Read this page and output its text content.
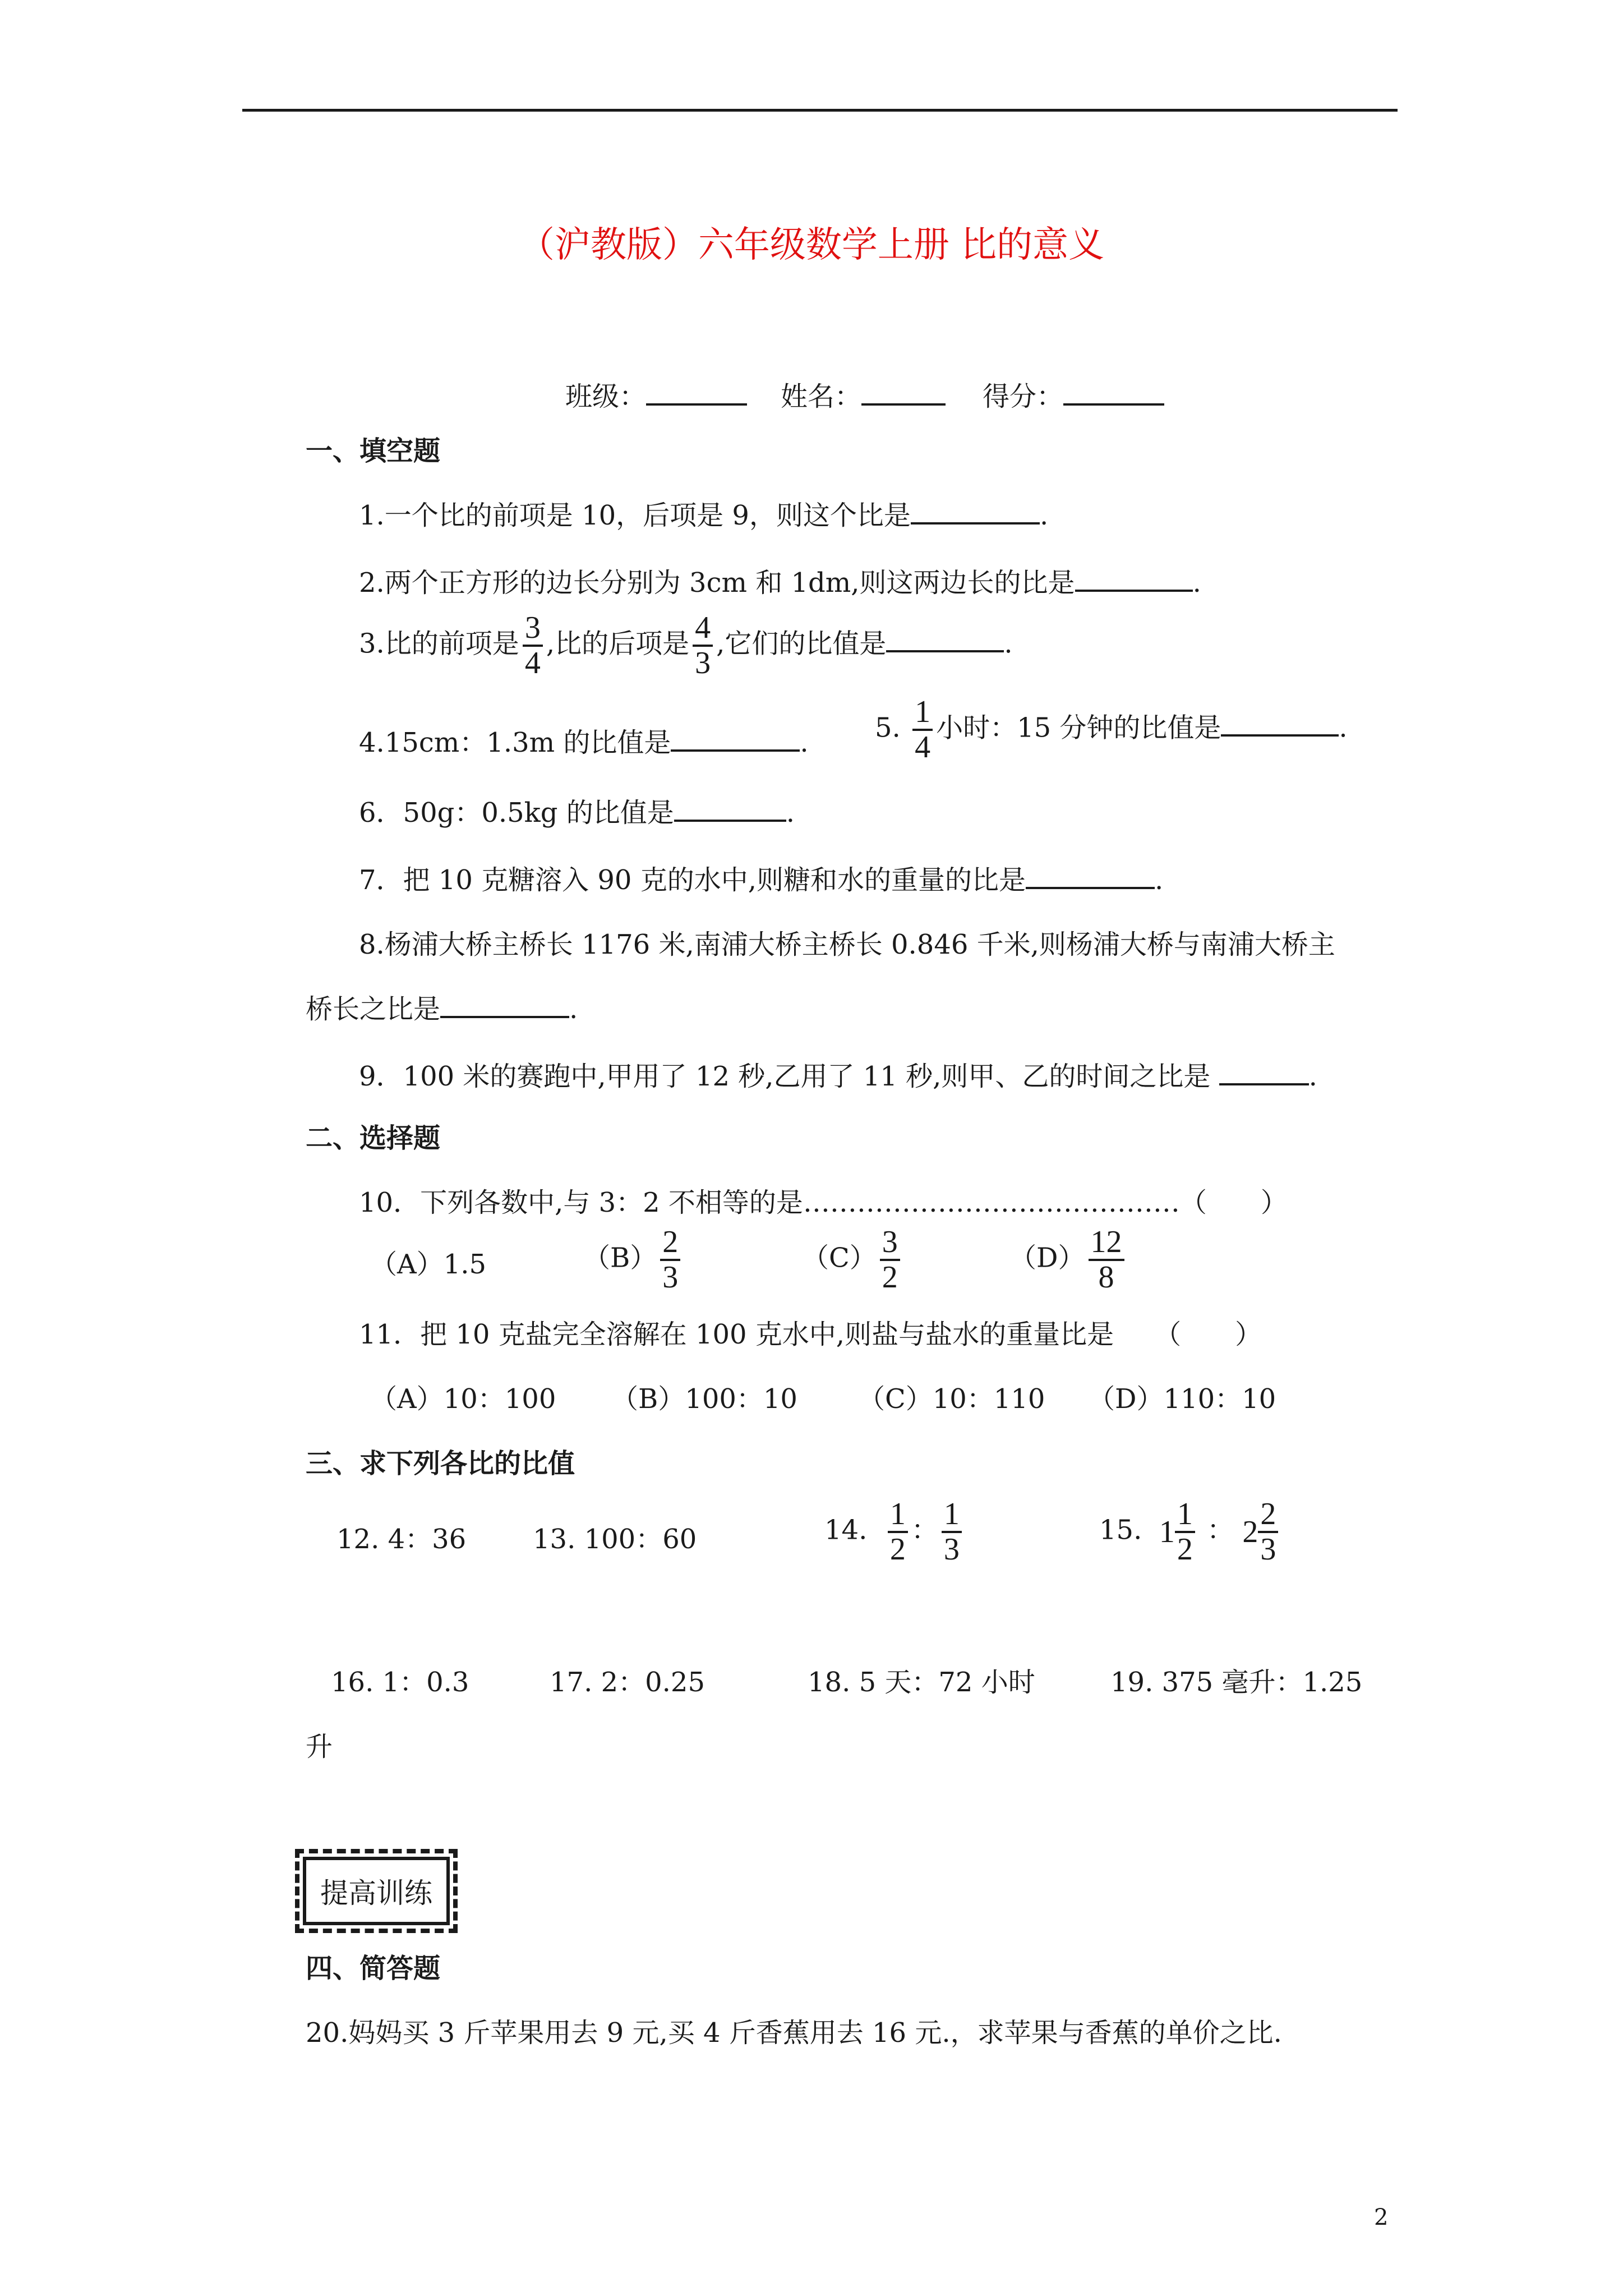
（沪教版）六年级数学上册 比的意义
班级：	姓名：	得分：
一、填空题
1.一个比的前项是 10，后项是 9，则这个比是	.
2.两个正方形的边长分别为 3cm 和 1dm,则这两边长的比是	.
3.比的前项是 $\frac{3}{4}$ ,比的后项是 $\frac{4}{3}$ ,它们的比值是	.
4.15cm：1.3m 的比值是	. 5. $\frac{1}{4}$ 小时：15 分钟的比值是	.
6．50g：0.5kg 的比值是	.
7．把 10 克糖溶入 90 克的水中,则糖和水的重量的比是	.
8.杨浦大桥主桥长 1176 米,南浦大桥主桥长 0.846 千米,则杨浦大桥与南浦大桥主
桥长之比是	.
9．100 米的赛跑中,甲用了 12 秒,乙用了 11 秒,则甲、乙的时间之比是	.
二、选择题
10．下列各数中,与 3：2 不相等的是……………………………………（　　）
（A）1.5	$(B) \frac{2}{3}$	$(C) \frac{3}{2}$	$(D) \frac{12}{8}$
11．把 10 克盐完全溶解在 100 克水中,则盐与盐水的重量比是　　（　　）
（A）10：100 （B）100：10 （C）10：110 （D）110：10
三、求下列各比的比值
12. 4：36 13. 100：60	14. $\frac{1}{2}$ ： $\frac{1}{3}$	15. $1 \frac{1}{2}$ ： $2 \frac{2}{3}$
16. 1：0.3	17. 2：0.25	18. 5 天：72 小时	19. 375 毫升：1.25
升
提高训练
四、简答题
20.妈妈买 3 斤苹果用去 9 元,买 4 斤香蕉用去 16 元.，求苹果与香蕉的单价之比.
2
